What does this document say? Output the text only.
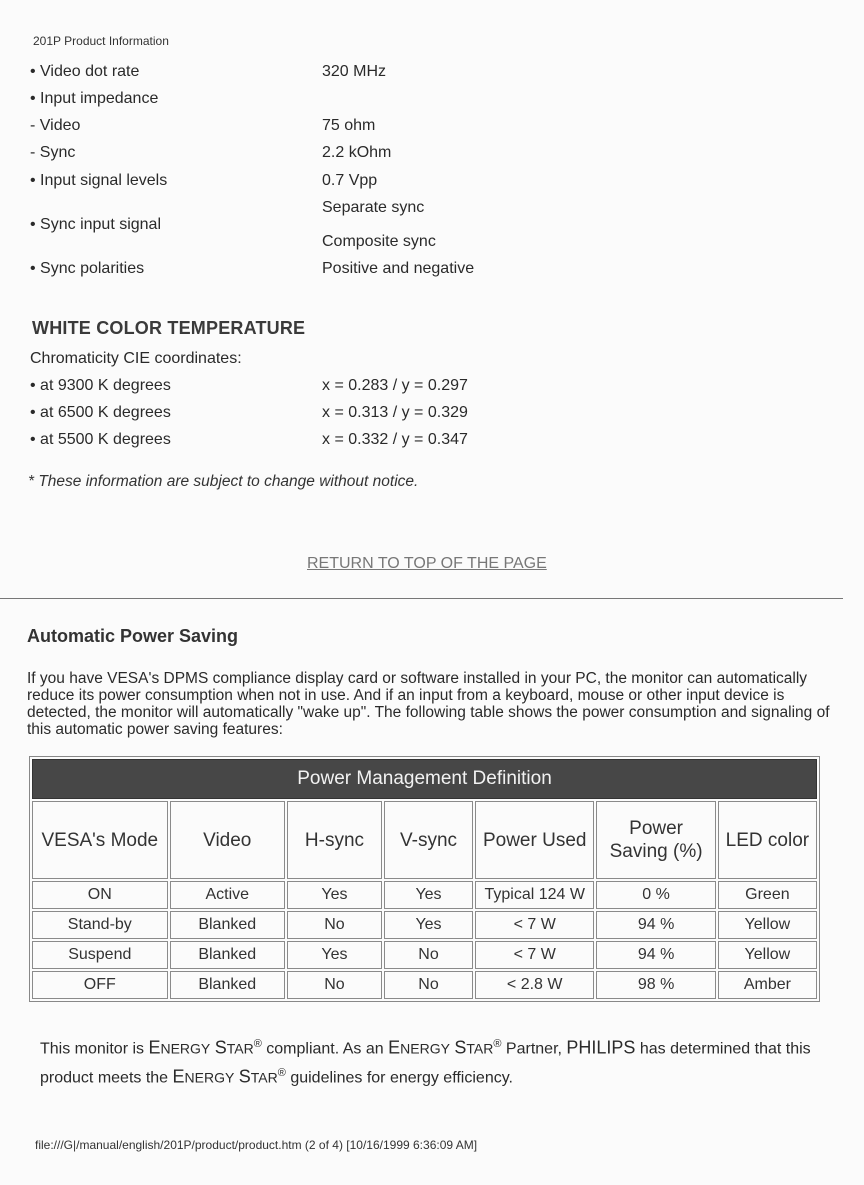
201P Product Information
• Video dot rate	320 MHz
• Input impedance
- Video	75 ohm
- Sync	2.2 kOhm
• Input signal levels	0.7 Vpp
• Sync input signal
Separate sync
Composite sync
• Sync polarities	Positive and negative
WHITE COLOR TEMPERATURE
Chromaticity CIE coordinates:
• at 9300 K degrees	x = 0.283 / y = 0.297
• at 6500 K degrees	x = 0.313 / y = 0.329
• at 5500 K degrees	x = 0.332 / y = 0.347
* These information are subject to change without notice.
RETURN TO TOP OF THE PAGE
Automatic Power Saving
If you have VESA's DPMS compliance display card or software installed in your PC, the monitor can automatically reduce its power consumption when not in use. And if an input from a keyboard, mouse or other input device is detected, the monitor will automatically "wake up". The following table shows the power consumption and signaling of this automatic power saving features:
Power Management Definition						
VESA's Mode	Video	H-sync	V-sync	Power Used	Power Saving (%)	LED color
ON	Active	Yes	Yes	Typical 124 W	0 %	Green
Stand-by	Blanked	No	Yes	< 7 W	94 %	Yellow
Suspend	Blanked	Yes	No	< 7 W	94 %	Yellow
OFF	Blanked	No	No	< 2.8 W	98 %	Amber
This monitor is ENERGY STAR® compliant. As an ENERGY STAR® Partner, PHILIPS has determined that this product meets the ENERGY STAR® guidelines for energy efficiency.
file:///G|/manual/english/201P/product/product.htm (2 of 4) [10/16/1999 6:36:09 AM]
